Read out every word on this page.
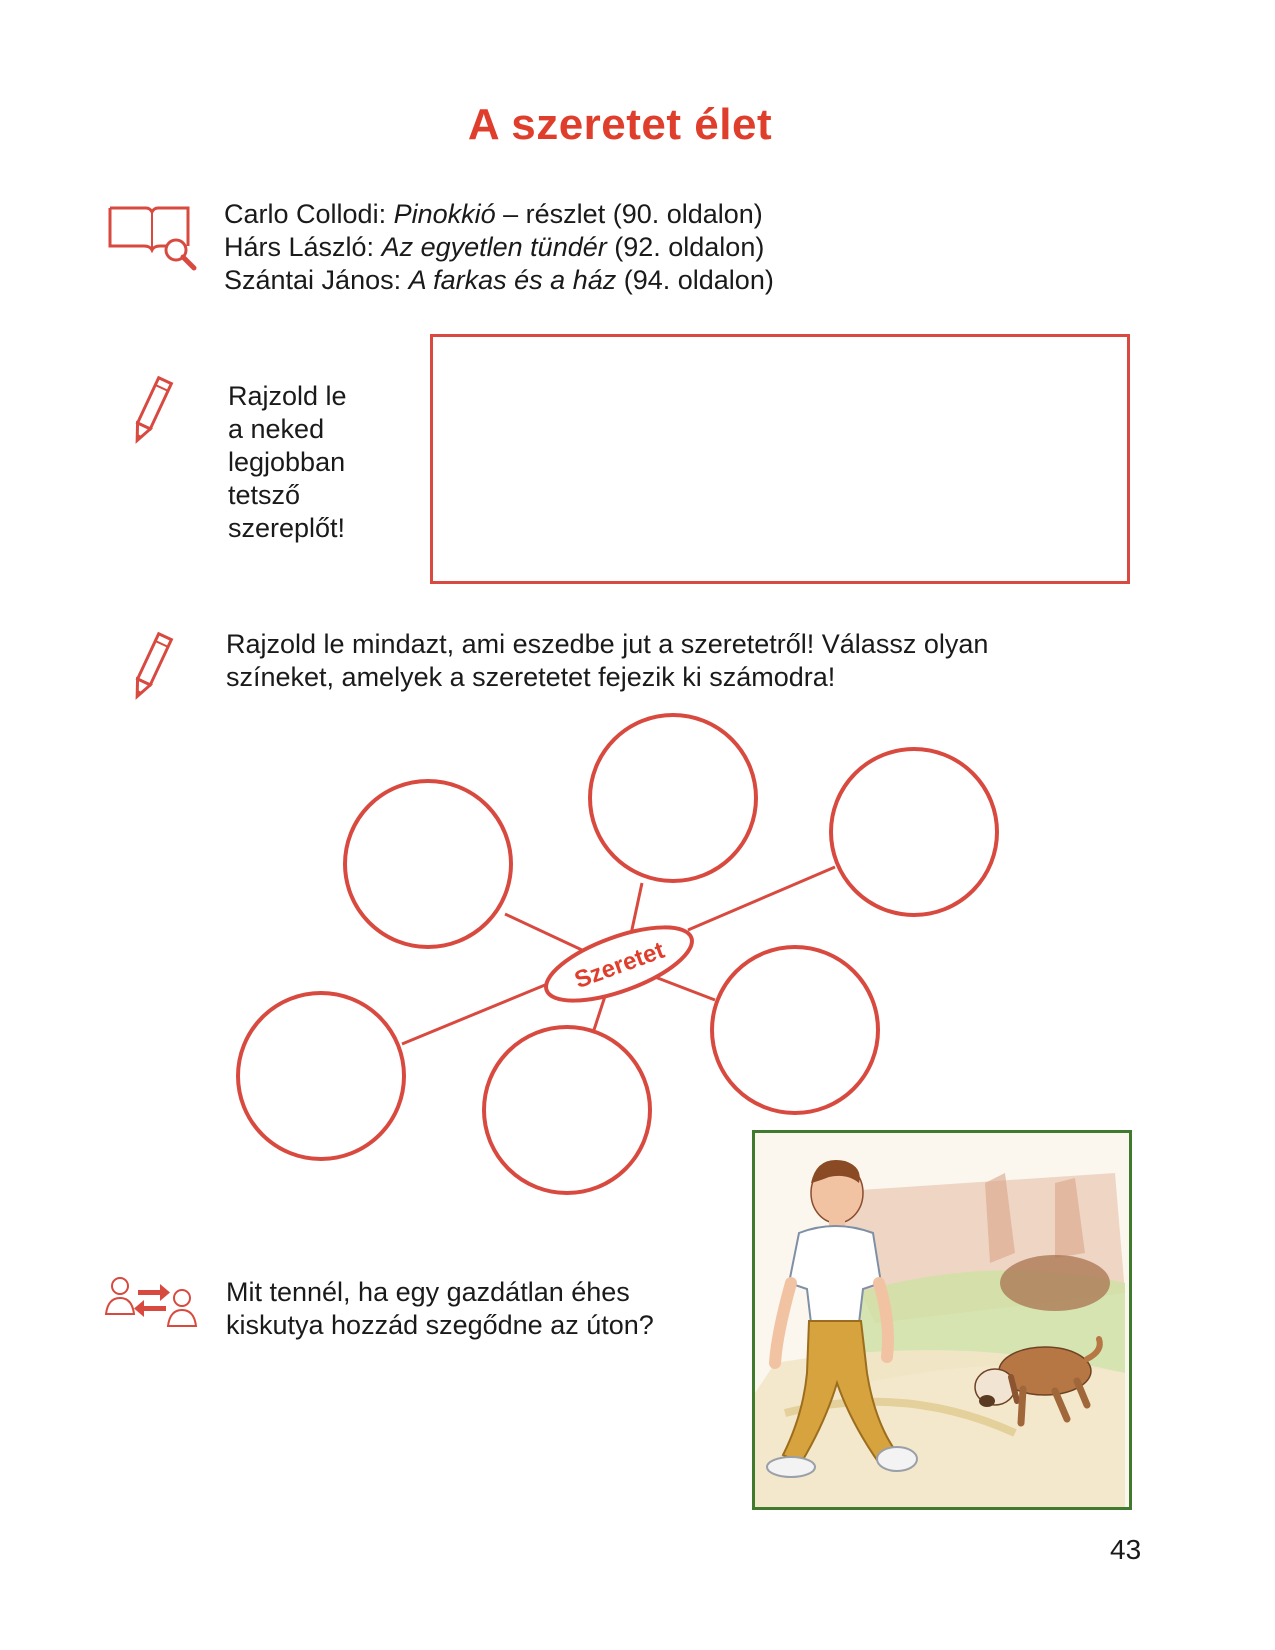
A szeretet élet
Carlo Collodi: Pinokkió – részlet (90. oldalon)
Hárs László: Az egyetlen tündér (92. oldalon)
Szántai János: A farkas és a ház (94. oldalon)
Rajzold le
a neked
legjobban
tetsző
szereplőt!
Rajzold le mindazt, ami eszedbe jut a szeretetről! Válassz olyan
színeket, amelyek a szeretetet fejezik ki számodra!
Szeretet
Mit tennél, ha egy gazdátlan éhes
kiskutya hozzád szegődne az úton?
43
